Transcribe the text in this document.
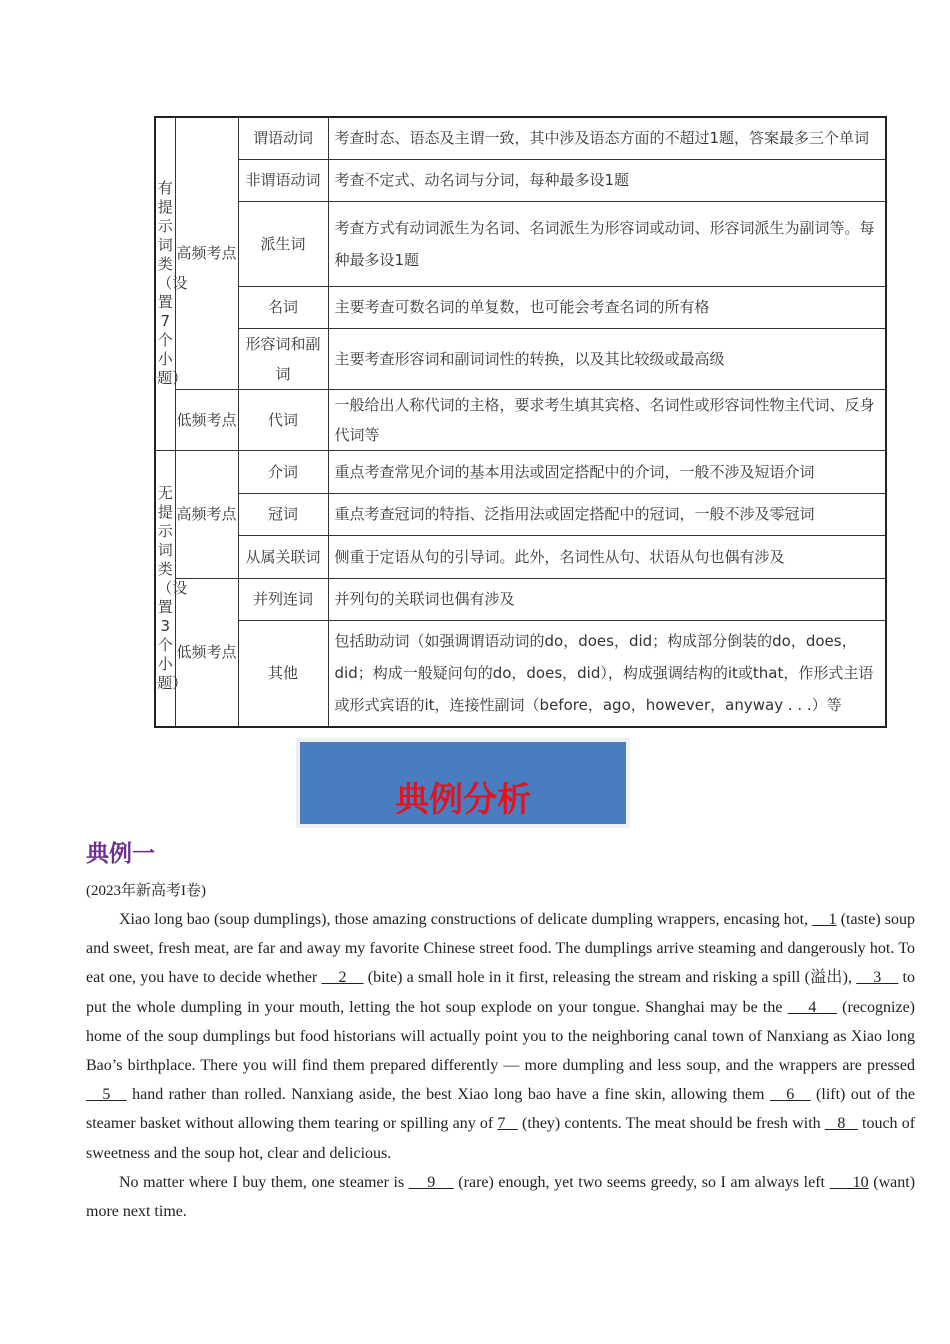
有提示词类（设置7个小题）	高频考点	谓语动词	考查时态、语态及主谓一致，其中涉及语态方面的不超过1题，答案最多三个单词
		非谓语动词	考查不定式、动名词与分词，每种最多设1题
		派生词	考查方式有动词派生为名词、名词派生为形容词或动词、形容词派生为副词等。每种最多设1题
		名词	主要考查可数名词的单复数，也可能会考查名词的所有格
		形容词和副词	主要考查形容词和副词词性的转换，以及其比较级或最高级
	低频考点	代词	一般给出人称代词的主格，要求考生填其宾格、名词性或形容词性物主代词、反身代词等
无提示词类（设置3个小题）	高频考点	介词	重点考查常见介词的基本用法或固定搭配中的介词，一般不涉及短语介词
		冠词	重点考查冠词的特指、泛指用法或固定搭配中的冠词，一般不涉及零冠词
		从属关联词	侧重于定语从句的引导词。此外，名词性从句、状语从句也偶有涉及
	低频考点	并列连词	并列句的关联词也偶有涉及
		其他	包括助动词（如强调谓语动词的do，does，did；构成部分倒装的do，does，did；构成一般疑问句的do，does，did），构成强调结构的it或that，作形式主语或形式宾语的it，连接性副词（before，ago，however，anyway . . .）等
典例分析
典例一

(2023年新高考I卷)

Xiao long bao (soup dumplings), those amazing constructions of delicate dumpling wrappers, encasing hot,     1 (taste) soup and sweet, fresh meat, are far and away my favorite Chinese street food. The dumplings arrive steaming and dangerously hot. To eat one, you have to decide whether     2     (bite) a small hole in it first, releasing the stream and risking a spill (溢出),     3     to put the whole dumpling in your mouth, letting the hot soup explode on your tongue. Shanghai may be the     4     (recognize) home of the soup dumplings but food historians will actually point you to the neighboring canal town of Nanxiang as Xiao long Bao’s birthplace. There you will find them prepared differently — more dumpling and less soup, and the wrappers are pressed    5    hand rather than rolled. Nanxiang aside, the best Xiao long bao have a fine skin, allowing them    6    (lift) out of the steamer basket without allowing them tearing or spilling any of 7    (they) contents. The meat should be fresh with    8    touch of sweetness and the soup hot, clear and delicious.

No matter where I buy them, one steamer is     9     (rare) enough, yet two seems greedy, so I am always left      10 (want) more next time.
